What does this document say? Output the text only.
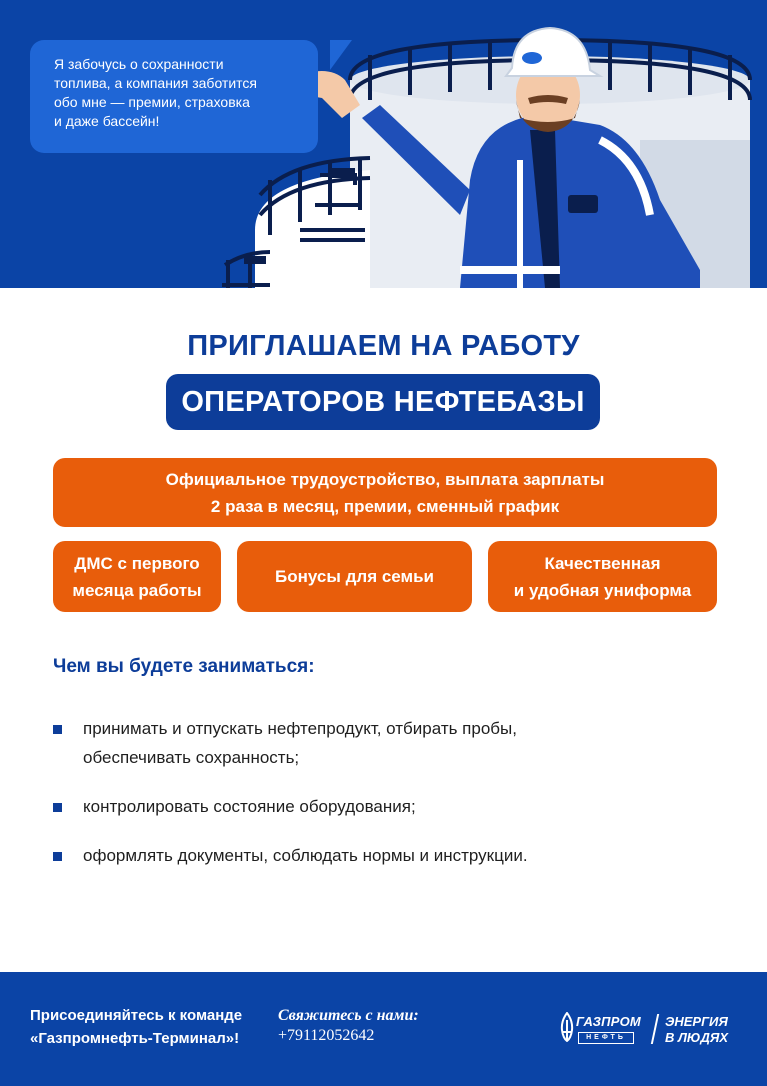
Я забочусь о сохранности

топлива, а компания заботится

обо мне — премии, страховка

и даже бассейн!

ПРИГЛАШАЕМ НА РАБОТУ
ОПЕРАТОРОВ НЕФТЕБАЗЫ
Официальное трудоустройство, выплата зарплаты
2 раза в месяц, премии, сменный график
ДМС с первого
месяца работы
Бонусы для семьи
Качественная
и удобная униформа
Чем вы будете заниматься:
принимать и отпускать нефтепродукт, отбирать пробы,
обеспечивать сохранность;
контролировать состояние оборудования;
оформлять документы, соблюдать нормы и инструкции.
Присоединяйтесь к команде
«Газпромнефть-Терминал»!
Свяжитесь с нами:
+79112052642
ГАЗПРОМ
НЕФТЬ
ЭНЕРГИЯ
В ЛЮДЯХ
